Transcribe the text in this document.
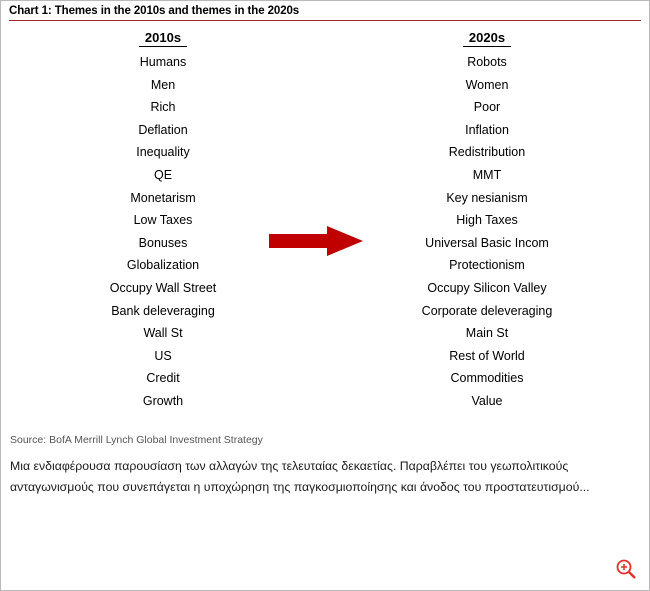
Chart 1: Themes in the 2010s and themes in the 2020s
2010s
Humans
Men
Rich
Deflation
Inequality
QE
Monetarism
Low Taxes
Bonuses
Globalization
Occupy Wall Street
Bank deleveraging
Wall St
US
Credit
Growth
2020s
Robots
Women
Poor
Inflation
Redistribution
MMT
Key nesianism
High Taxes
Universal Basic Incom
Protectionism
Occupy Silicon Valley
Corporate deleveraging
Main St
Rest of World
Commodities
Value
Source: BofA Merrill Lynch Global Investment Strategy
Μια ενδιαφέρουσα παρουσίαση των αλλαγών της τελευταίας δεκαετίας. Παραβλέπει του γεωπολιτικούς ανταγωνισμούς που συνεπάγεται η υποχώρηση της παγκοσμιοποίησης και άνοδος του προστατευτισμού...
